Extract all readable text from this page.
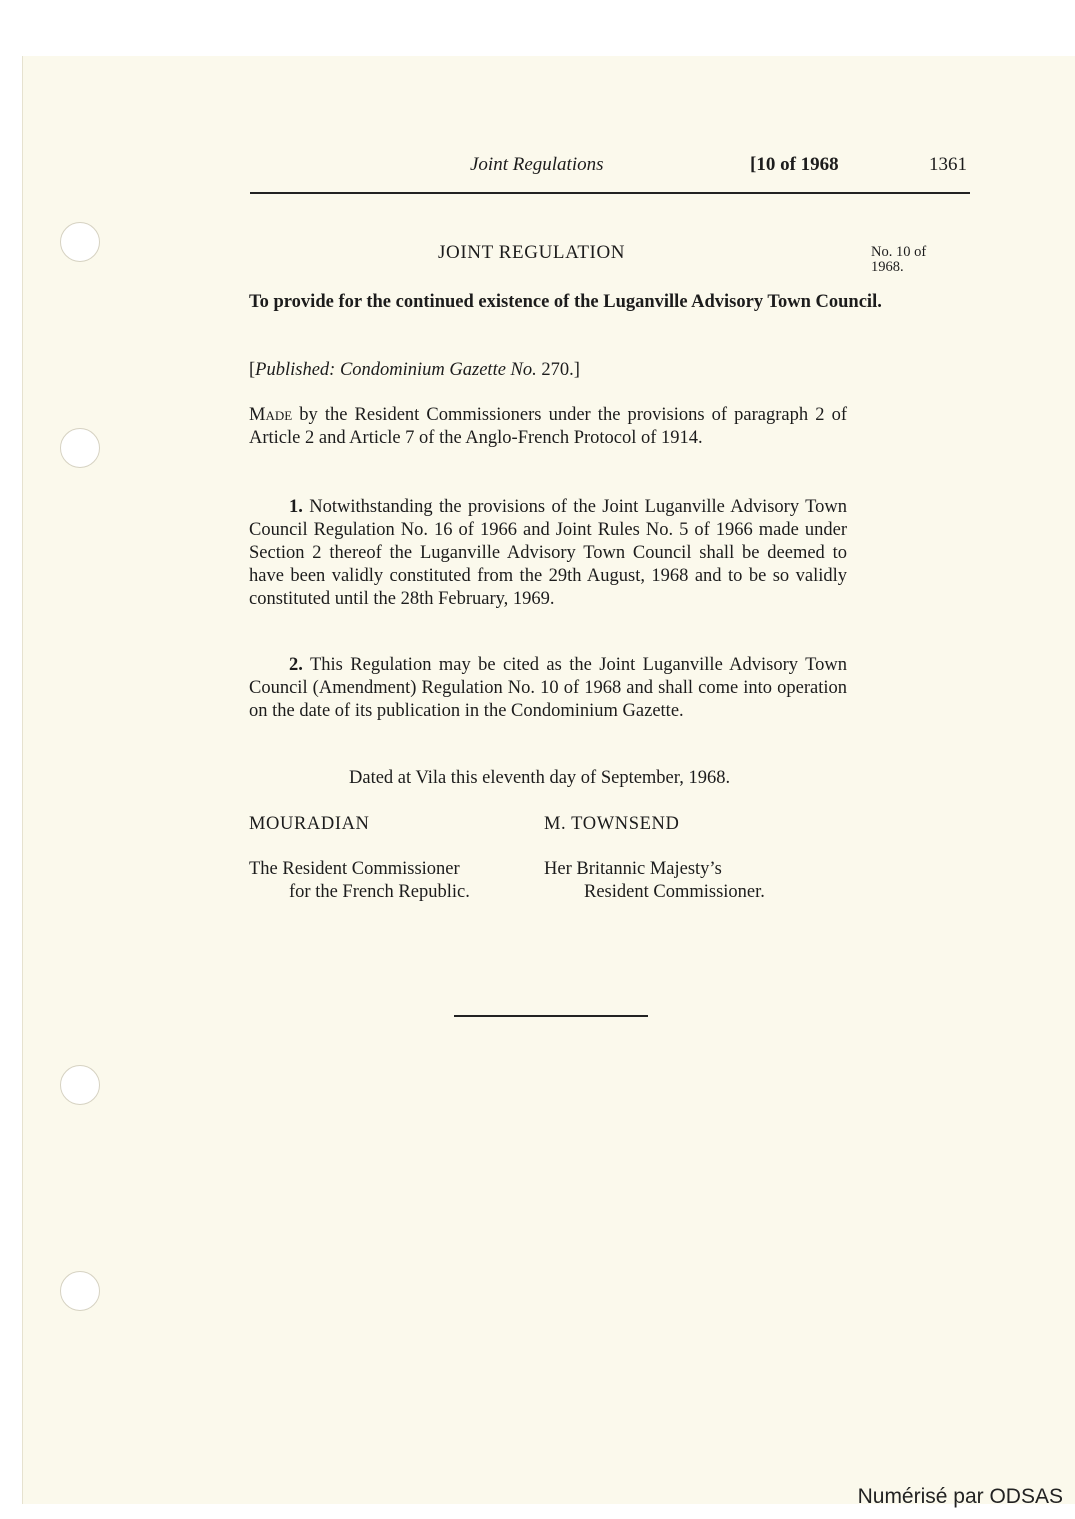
Joint Regulations	[10 of 1968	1361
JOINT REGULATION	No. 10 of 1968.
To provide for the continued existence of the Luganville Advisory Town Council.
[Published: Condominium Gazette No. 270.]
Made by the Resident Commissioners under the provisions of paragraph 2 of Article 2 and Article 7 of the Anglo-French Protocol of 1914.
1. Notwithstanding the provisions of the Joint Luganville Advisory Town Council Regulation No. 16 of 1966 and Joint Rules No. 5 of 1966 made under Section 2 thereof the Luganville Advisory Town Council shall be deemed to have been validly constituted from the 29th August, 1968 and to be so validly constituted until the 28th February, 1969.
2. This Regulation may be cited as the Joint Luganville Advisory Town Council (Amendment) Regulation No. 10 of 1968 and shall come into operation on the date of its publication in the Condominium Gazette.
Dated at Vila this eleventh day of September, 1968.
MOURADIAN	M. TOWNSEND
The Resident Commissioner
for the French Republic.
Her Britannic Majesty’s
Resident Commissioner.
Numérisé par ODSAS
